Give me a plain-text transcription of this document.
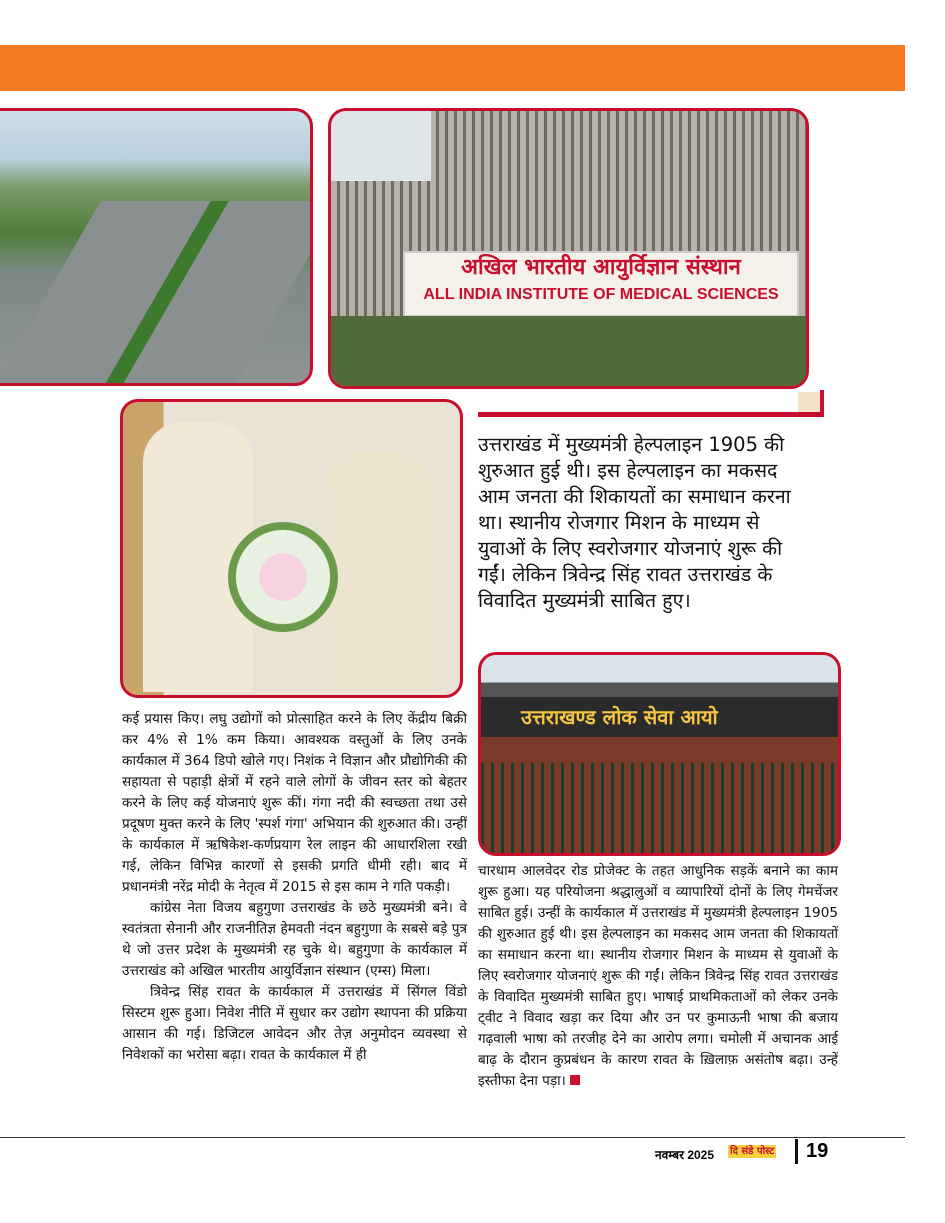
अखिल भारतीय आयुर्विज्ञान संस्थान
ALL INDIA INSTITUTE OF MEDICAL SCIENCES
उत्तराखंड में मुख्यमंत्री हेल्पलाइन 1905 की शुरुआत हुई थी। इस हेल्पलाइन का मकसद आम जनता की शिकायतों का समाधान करना था। स्थानीय रोजगार मिशन के माध्यम से युवाओं के लिए स्वरोजगार योजनाएं शुरू की गईं। लेकिन त्रिवेन्द्र सिंह रावत उत्तराखंड के विवादित मुख्यमंत्री साबित हुए।
उत्तराखण्ड लोक सेवा आयो

कई प्रयास किए। लघु उद्योगों को प्रोत्साहित करने के लिए केंद्रीय बिक्री कर 4% से 1% कम किया। आवश्यक वस्तुओं के लिए उनके कार्यकाल में 364 डिपो खोले गए। निशंक ने विज्ञान और प्रौद्योगिकी की सहायता से पहाड़ी क्षेत्रों में रहने वाले लोगों के जीवन स्तर को बेहतर करने के लिए कई योजनाएं शुरू कीं। गंगा नदी की स्वच्छता तथा उसे प्रदूषण मुक्त करने के लिए 'स्पर्श गंगा' अभियान की शुरुआत की। उन्हीं के कार्यकाल में ऋषिकेश-कर्णप्रयाग रेल लाइन की आधारशिला रखी गई, लेकिन विभिन्न कारणों से इसकी प्रगति धीमी रही। बाद में प्रधानमंत्री नरेंद्र मोदी के नेतृत्व में 2015 से इस काम ने गति पकड़ी।

कांग्रेस नेता विजय बहुगुणा उत्तराखंड के छठे मुख्यमंत्री बने। वे स्वतंत्रता सेनानी और राजनीतिज्ञ हेमवती नंदन बहुगुणा के सबसे बड़े पुत्र थे जो उत्तर प्रदेश के मुख्यमंत्री रह चुके थे। बहुगुणा के कार्यकाल में उत्तराखंड को अखिल भारतीय आयुर्विज्ञान संस्थान (एम्स) मिला।

त्रिवेन्द्र सिंह रावत के कार्यकाल में उत्तराखंड में सिंगल विंडो सिस्टम शुरू हुआ। निवेश नीति में सुधार कर उद्योग स्थापना की प्रक्रिया आसान की गई। डिजिटल आवेदन और तेज़ अनुमोदन व्यवस्था से निवेशकों का भरोसा बढ़ा। रावत के कार्यकाल में ही

चारधाम आलवेदर रोड प्रोजेक्ट के तहत आधुनिक सड़कें बनाने का काम शुरू हुआ। यह परियोजना श्रद्धालुओं व व्यापारियों दोनों के लिए गेमचेंजर साबित हुई। उन्हीं के कार्यकाल में उत्तराखंड में मुख्यमंत्री हेल्पलाइन 1905 की शुरुआत हुई थी। इस हेल्पलाइन का मकसद आम जनता की शिकायतों का समाधान करना था। स्थानीय रोजगार मिशन के माध्यम से युवाओं के लिए स्वरोजगार योजनाएं शुरू की गईं। लेकिन त्रिवेन्द्र सिंह रावत उत्तराखंड के विवादित मुख्यमंत्री साबित हुए। भाषाई प्राथमिकताओं को लेकर उनके ट्वीट ने विवाद खड़ा कर दिया और उन पर कुमाऊनी भाषा की बजाय गढ़वाली भाषा को तरजीह देने का आरोप लगा। चमोली में अचानक आई बाढ़ के दौरान कुप्रबंधन के कारण रावत के ख़िलाफ़ असंतोष बढ़ा। उन्हें इस्तीफा देना पड़ा।

नवम्बर 2025 दि संडे पोस्ट 19
